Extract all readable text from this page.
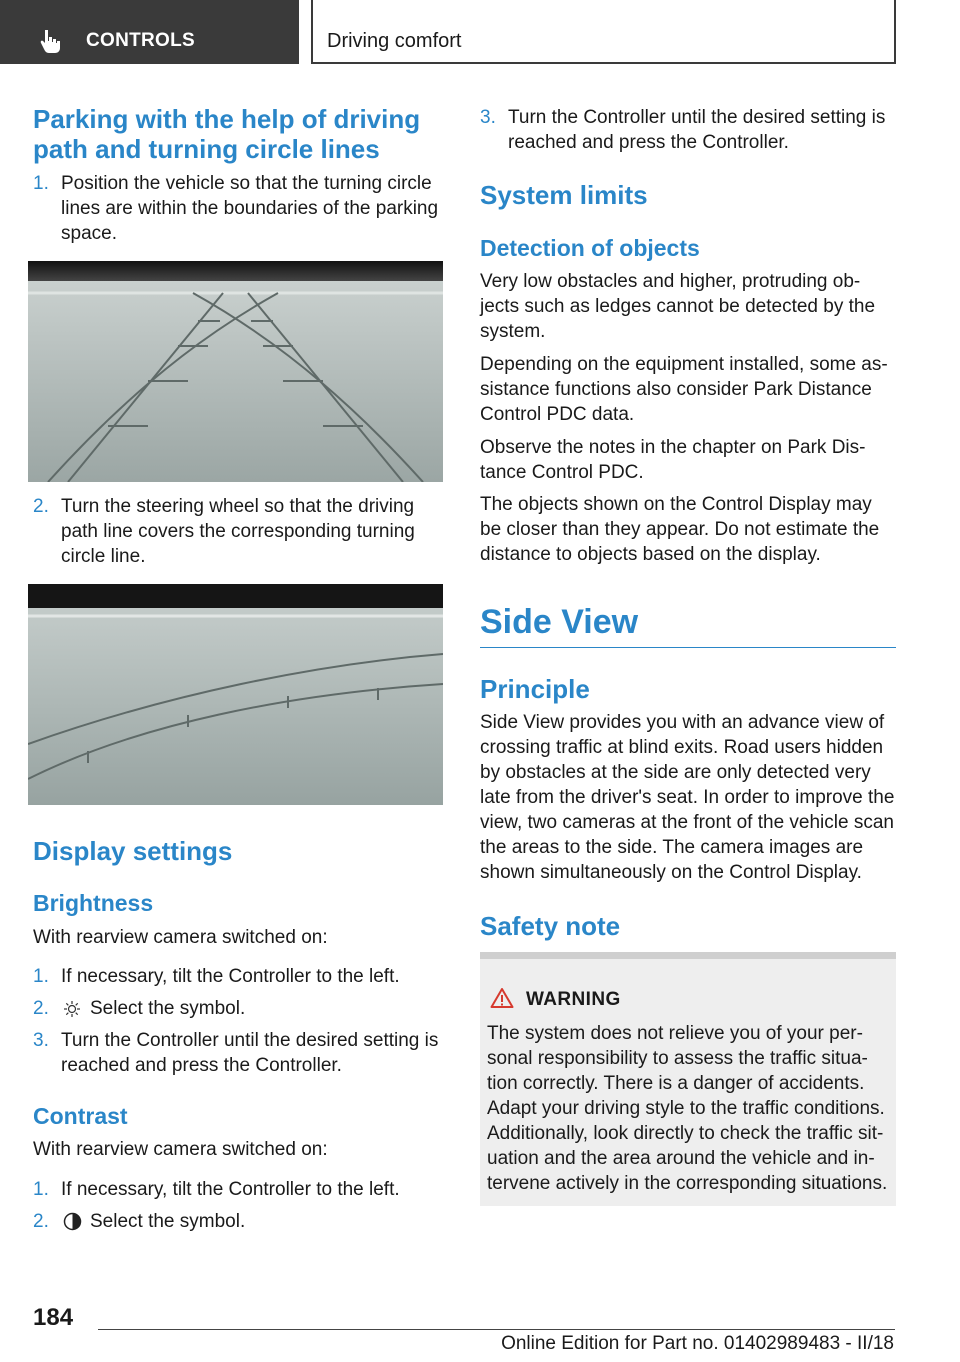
CONTROLS	Driving comfort
Parking with the help of driving
path and turning circle lines
1. Position the vehicle so that the turning circle
lines are within the boundaries of the parking
space.
2. Turn the steering wheel so that the driving
path line covers the corresponding turning
circle line.
Display settings
Brightness
With rearview camera switched on:
1. If necessary, tilt the Controller to the left.
2. Select the symbol.
3. Turn the Controller until the desired setting is
reached and press the Controller.
Contrast
With rearview camera switched on:
1. If necessary, tilt the Controller to the left.
2. Select the symbol.
3. Turn the Controller until the desired setting is
reached and press the Controller.
System limits
Detection of objects
Very low obstacles and higher, protruding ob-
jects such as ledges cannot be detected by the
system.
Depending on the equipment installed, some as-
sistance functions also consider Park Distance
Control PDC data.
Observe the notes in the chapter on Park Dis-
tance Control PDC.
The objects shown on the Control Display may
be closer than they appear. Do not estimate the
distance to objects based on the display.
Side View
Principle
Side View provides you with an advance view of
crossing traffic at blind exits. Road users hidden
by obstacles at the side are only detected very
late from the driver's seat. In order to improve the
view, two cameras at the front of the vehicle scan
the areas to the side. The camera images are
shown simultaneously on the Control Display.
Safety note
WARNING
The system does not relieve you of your per-
sonal responsibility to assess the traffic situa-
tion correctly. There is a danger of accidents.
Adapt your driving style to the traffic conditions.
Additionally, look directly to check the traffic sit-
uation and the area around the vehicle and in-
tervene actively in the corresponding situations.
184
Online Edition for Part no. 01402989483 - II/18
